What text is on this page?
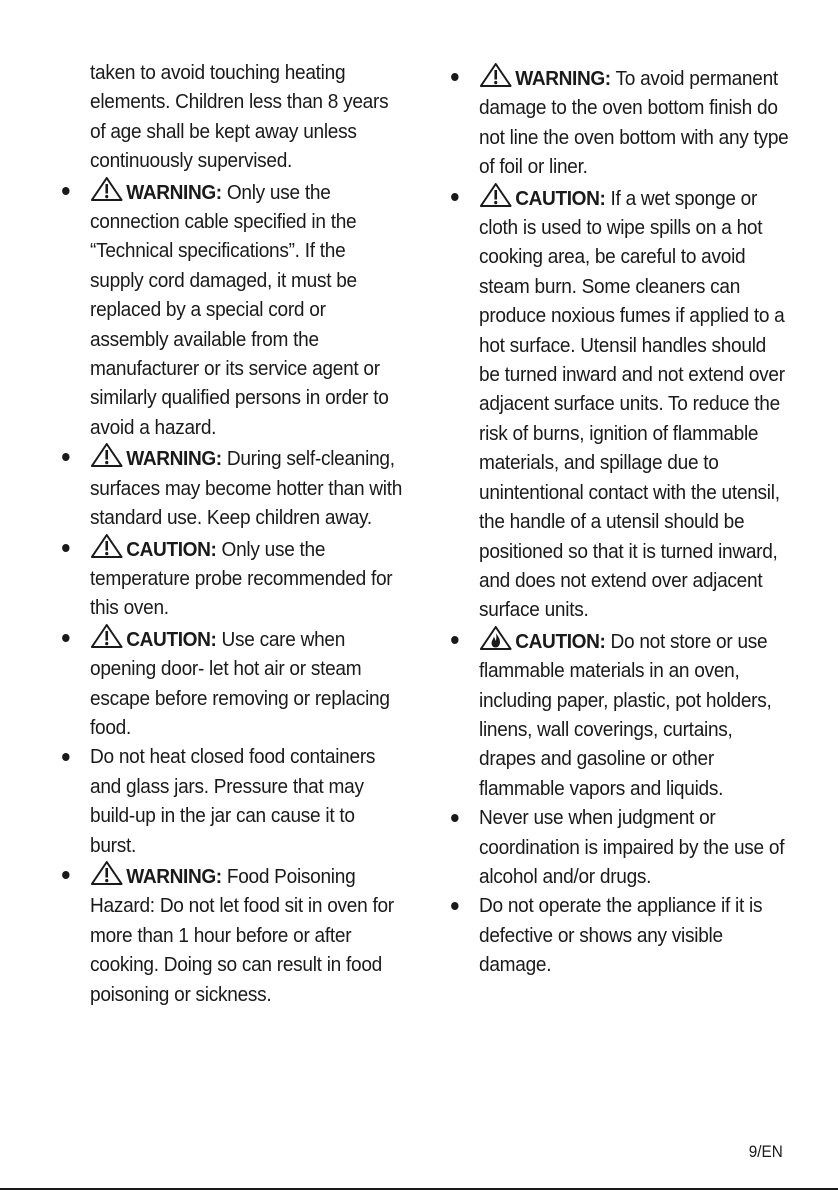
taken to avoid touching heating elements. Children less than 8 years of age shall be kept away unless continuously supervised.
WARNING: Only use the connection cable specified in the “Technical specifications”. If the supply cord damaged, it must be replaced by a special cord or assembly available from the manufacturer or its service agent or similarly qualified persons in order to avoid a hazard.
WARNING: During self-cleaning, surfaces may become hotter than with standard use. Keep children away.
CAUTION: Only use the temperature probe recommended for this oven.
CAUTION: Use care when opening door- let hot air or steam escape before removing or replacing food.
Do not heat closed food containers and glass jars. Pressure that may build-up in the jar can cause it to burst.
WARNING: Food Poisoning Hazard: Do not let food sit in oven for more than 1 hour before or after cooking. Doing so can result in food poisoning or sickness.
WARNING: To avoid permanent damage to the oven bottom finish do not line the oven bottom with any type of foil or liner.
CAUTION: If a wet sponge or cloth is used to wipe spills on a hot cooking area, be careful to avoid steam burn. Some cleaners can produce noxious fumes if applied to a hot surface. Utensil handles should be turned inward and not extend over adjacent surface units. To reduce the risk of burns, ignition of flammable materials, and spillage due to unintentional contact with the utensil, the handle of a utensil should be positioned so that it is turned inward, and does not extend over adjacent surface units.
CAUTION: Do not store or use flammable materials in an oven, including paper, plastic, pot holders, linens, wall coverings, curtains, drapes and gasoline or other flammable vapors and liquids.
Never use when judgment or coordination is impaired by the use of alcohol and/or drugs.
Do not operate the appliance if it is defective or shows any visible damage.
9/EN
